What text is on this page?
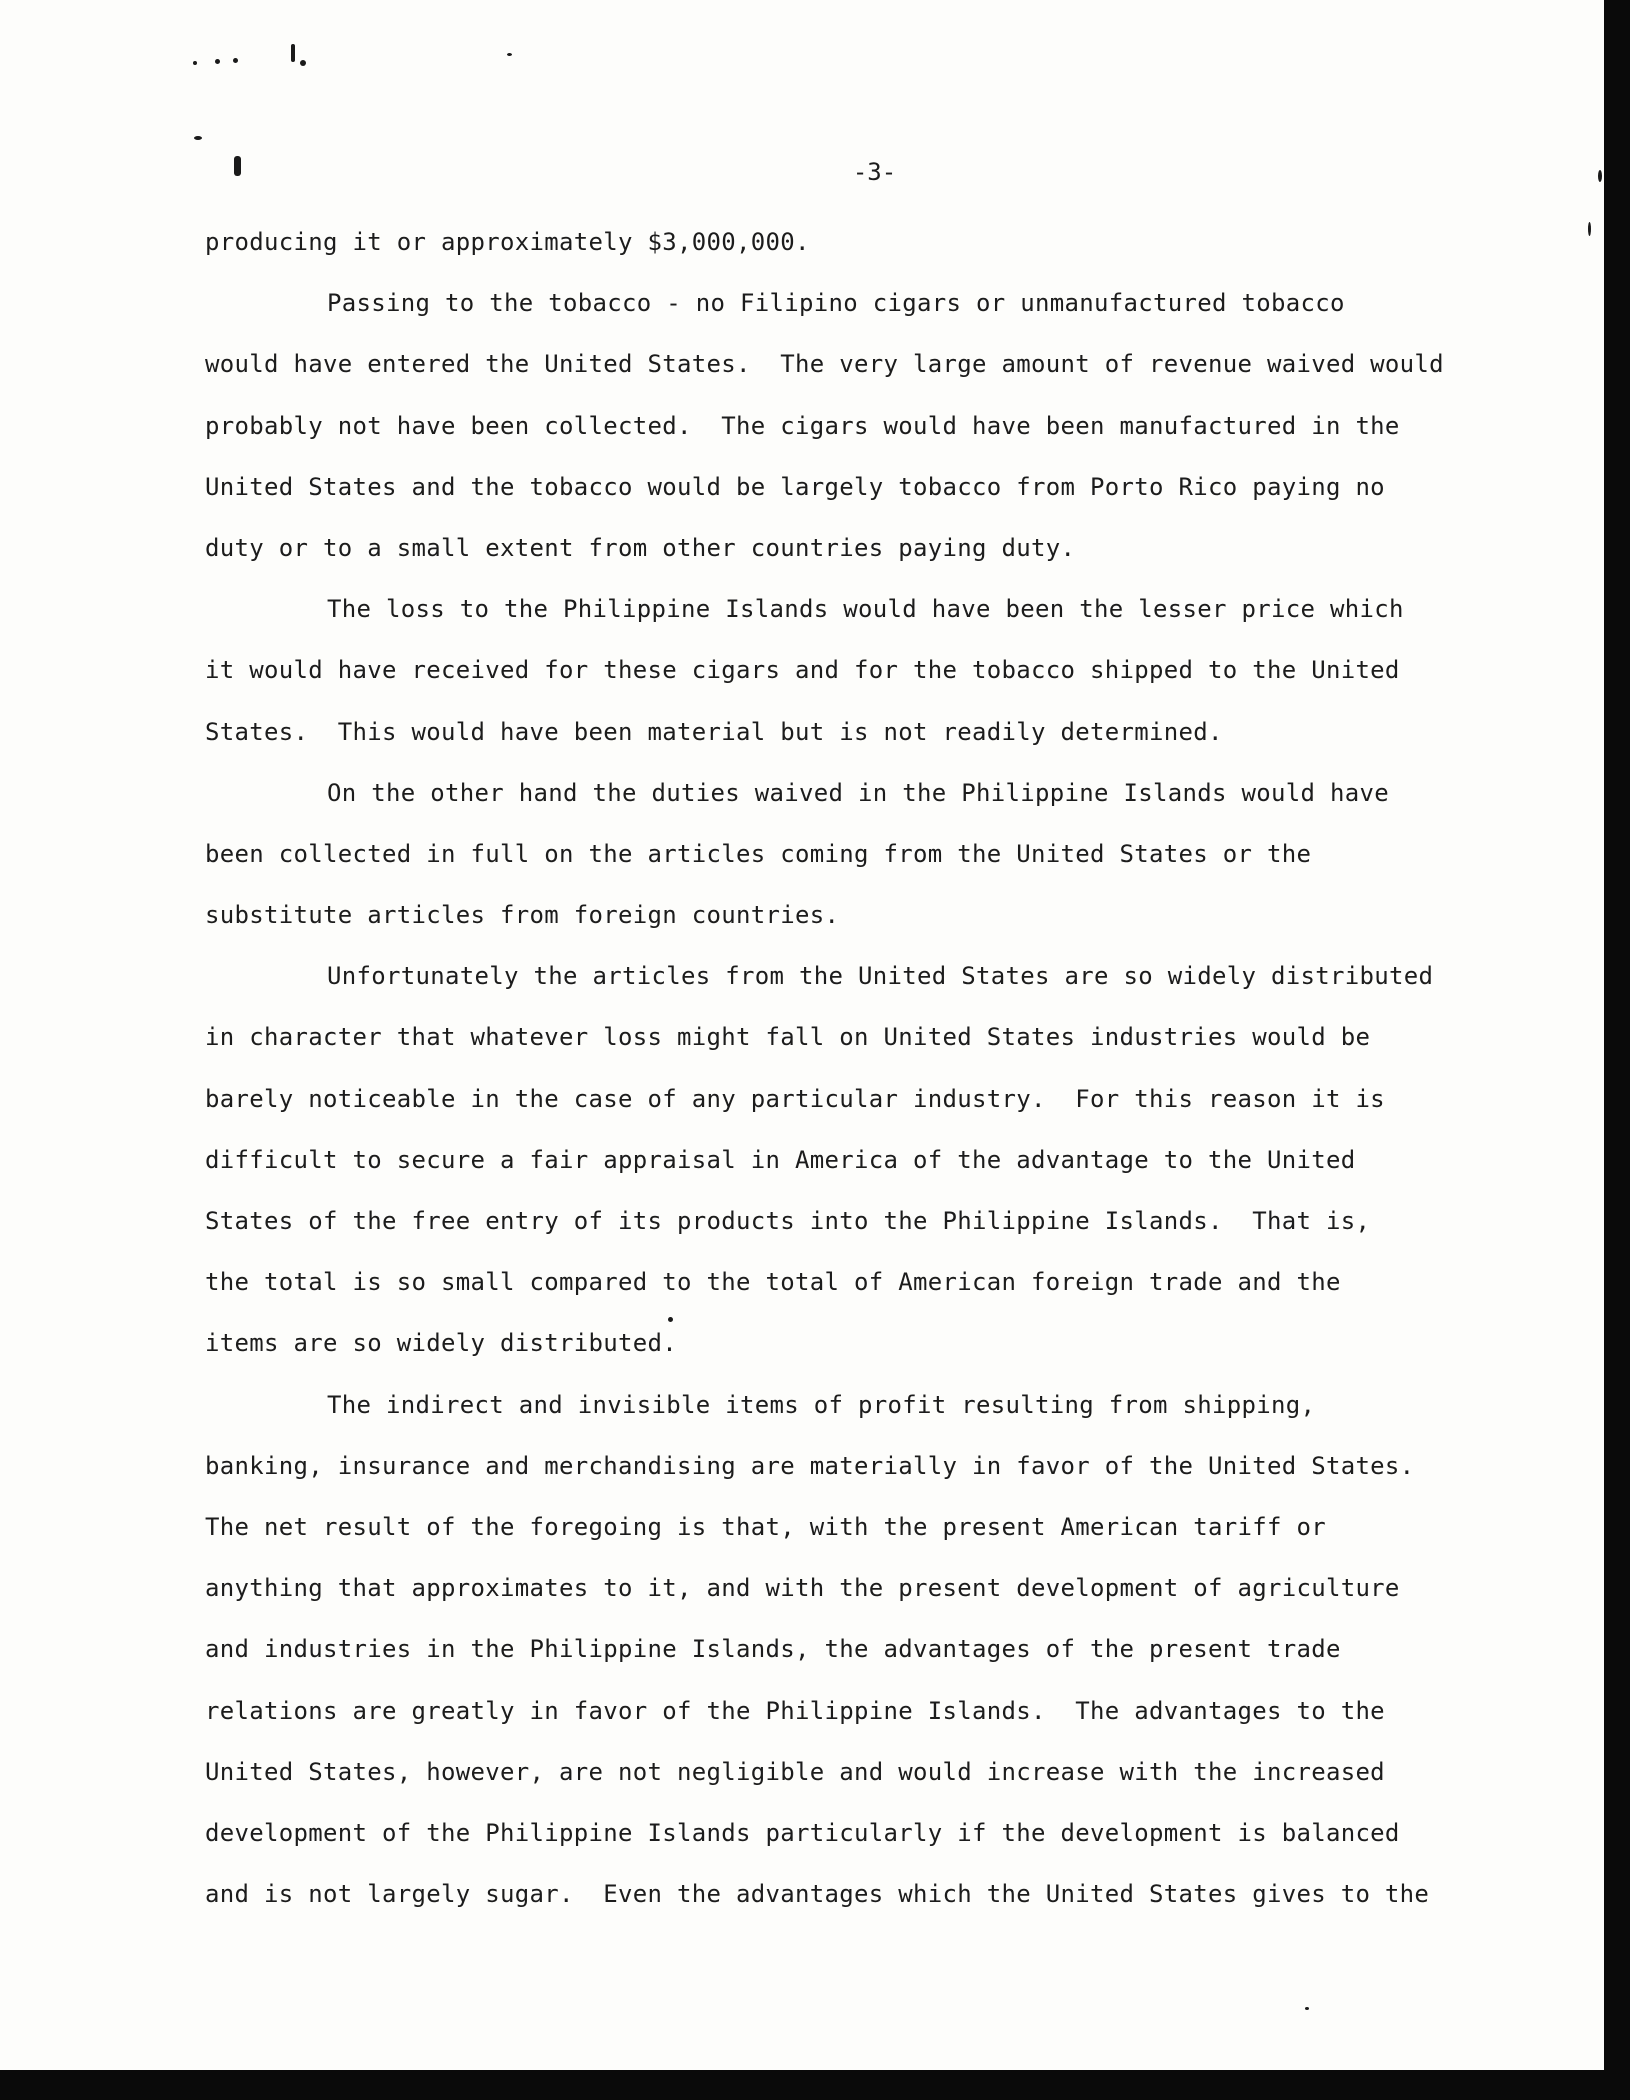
-3-
producing it or approximately $3,000,000.
Passing to the tobacco - no Filipino cigars or unmanufactured tobacco
would have entered the United States.  The very large amount of revenue waived would
probably not have been collected.  The cigars would have been manufactured in the
United States and the tobacco would be largely tobacco from Porto Rico paying no
duty or to a small extent from other countries paying duty.
The loss to the Philippine Islands would have been the lesser price which
it would have received for these cigars and for the tobacco shipped to the United
States.  This would have been material but is not readily determined.
On the other hand the duties waived in the Philippine Islands would have
been collected in full on the articles coming from the United States or the
substitute articles from foreign countries.
Unfortunately the articles from the United States are so widely distributed
in character that whatever loss might fall on United States industries would be
barely noticeable in the case of any particular industry.  For this reason it is
difficult to secure a fair appraisal in America of the advantage to the United
States of the free entry of its products into the Philippine Islands.  That is,
the total is so small compared to the total of American foreign trade and the
items are so widely distributed.
The indirect and invisible items of profit resulting from shipping,
banking, insurance and merchandising are materially in favor of the United States.
The net result of the foregoing is that, with the present American tariff or
anything that approximates to it, and with the present development of agriculture
and industries in the Philippine Islands, the advantages of the present trade
relations are greatly in favor of the Philippine Islands.  The advantages to the
United States, however, are not negligible and would increase with the increased
development of the Philippine Islands particularly if the development is balanced
and is not largely sugar.  Even the advantages which the United States gives to the
